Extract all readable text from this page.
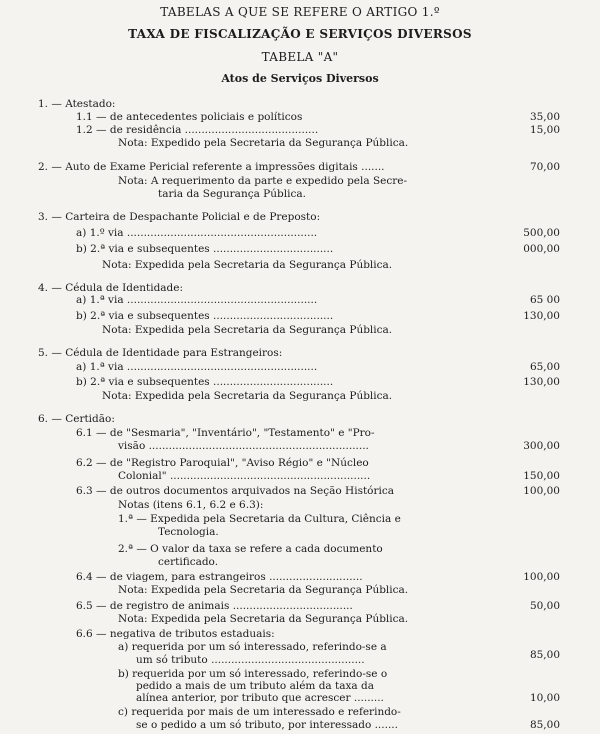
TABELAS A QUE SE REFERE O ARTIGO 1.º
TAXA DE FISCALIZAÇÃO E SERVIÇOS DIVERSOS
TABELA "A"
Atos de Serviços Diversos
1. — Atestado:
1.1 — de antecedentes policiais e políticos	35,00
1.2 — de residência ........................................	15,00
Nota: Expedido pela Secretaria da Segurança Pública.
2. — Auto de Exame Pericial referente a impressões digitais .......	70,00
Nota: A requerimento da parte e expedido pela Secre-
taria da Segurança Pública.
3. — Carteira de Despachante Policial e de Preposto:
a) 1.º via .........................................................	500,00
b) 2.ª via e subsequentes ....................................	000,00
Nota: Expedida pela Secretaria da Segurança Pública.
4. — Cédula de Identidade:
a) 1.ª via .........................................................	65 00
b) 2.ª via e subsequentes ....................................	130,00
Nota: Expedida pela Secretaria da Segurança Pública.
5. — Cédula de Identidade para Estrangeiros:
a) 1.ª via .........................................................	65,00
b) 2.ª via e subsequentes ....................................	130,00
Nota: Expedida pela Secretaria da Segurança Pública.
6. — Certidão:
6.1 — de "Sesmaria", "Inventário", "Testamento" e "Pro-
visão ..................................................................	300,00
6.2 — de "Registro Paroquial", "Aviso Régio" e "Núcleo
Colonial" ............................................................	150,00
6.3 — de outros documentos arquivados na Seção Histórica	100,00
Notas (itens 6.1, 6.2 e 6.3):
1.ª — Expedida pela Secretaria da Cultura, Ciência e
Tecnologia.
2.ª — O valor da taxa se refere a cada documento
certificado.
6.4 — de viagem, para estrangeiros ............................	100,00
Nota: Expedida pela Secretaria da Segurança Pública.
6.5 — de registro de animais ....................................	50,00
Nota: Expedida pela Secretaria da Segurança Pública.
6.6 — negativa de tributos estaduais:
a) requerida por um só interessado, referindo-se a
um só tributo ..............................................	85,00
b) requerida por um só interessado, referindo-se o
pedido a mais de um tributo além da taxa da
alínea anterior, por tributo que acrescer .........	10,00
c) requerida por mais de um interessado e referindo-
se o pedido a um só tributo, por interessado .......	85,00
